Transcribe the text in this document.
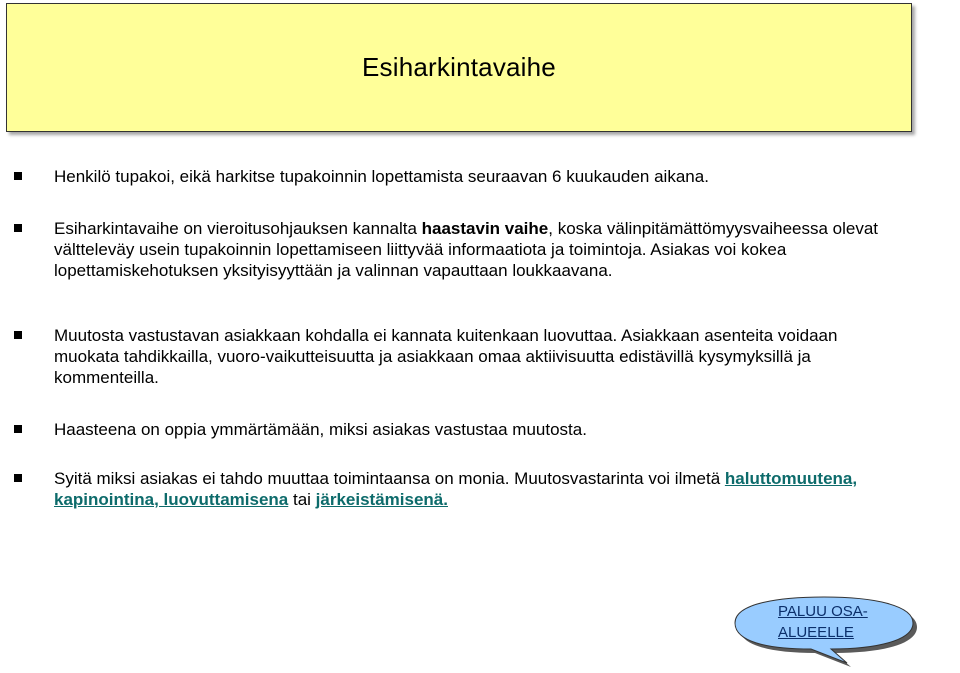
Esiharkintavaihe
Henkilö tupakoi, eikä harkitse tupakoinnin lopettamista seuraavan 6 kuukauden aikana.
Esiharkintavaihe on vieroitusohjauksen kannalta haastavin vaihe, koska välinpitämättömyysvaiheessa olevat vältteleväy usein tupakoinnin lopettamiseen liittyvää informaatiota ja toimintoja. Asiakas voi kokea lopettamiskehotuksen yksityisyyttään ja valinnan vapauttaan loukkaavana.
Muutosta vastustavan asiakkaan kohdalla ei kannata kuitenkaan luovuttaa. Asiakkaan asenteita voidaan muokata tahdikkailla, vuoro-vaikutteisuutta ja asiakkaan omaa aktiivisuutta edistävillä kysymyksillä ja kommenteilla.
Haasteena on oppia ymmärtämään, miksi asiakas vastustaa muutosta.
Syitä miksi asiakas ei tahdo muuttaa toimintaansa on monia. Muutosvastarinta voi ilmetä haluttomuutena, kapinointina, luovuttamisena tai järkeistämisenä.
PALUU OSA-ALUEELLE
